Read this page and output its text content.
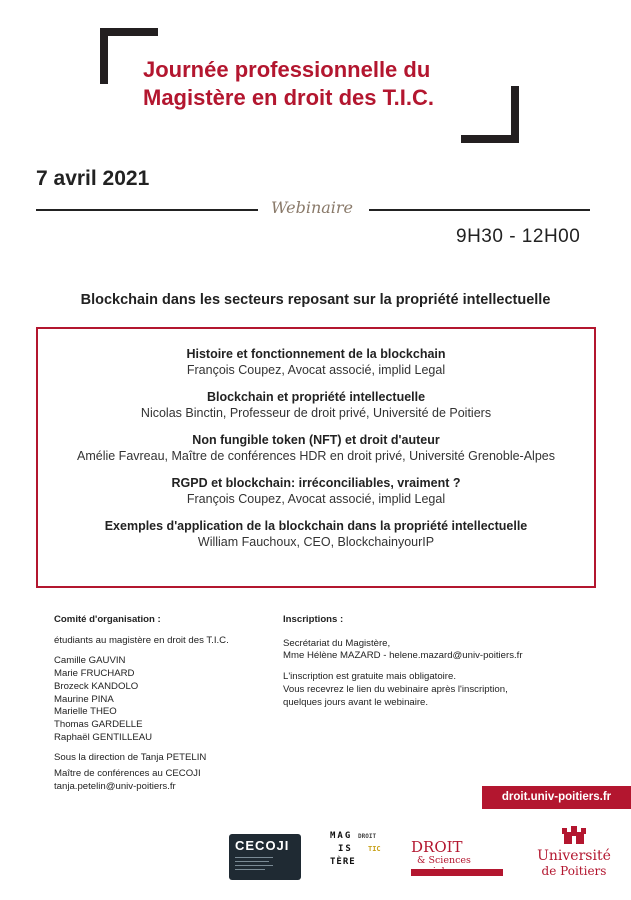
Journée professionnelle du
Magistère en droit des T.I.C.
7 avril 2021
Webinaire
9H30 - 12H00
Blockchain dans les secteurs reposant sur la propriété intellectuelle
Histoire et fonctionnement de la blockchain
François Coupez, Avocat associé, implid Legal
Blockchain et propriété intellectuelle
Nicolas Binctin, Professeur de droit privé, Université de Poitiers
Non fungible token (NFT) et droit d'auteur
Amélie Favreau, Maître de conférences HDR en droit privé, Université Grenoble-Alpes
RGPD et blockchain: irréconciliables, vraiment ?
François Coupez, Avocat associé, implid Legal
Exemples d'application de la blockchain dans la propriété intellectuelle
William Fauchoux, CEO, BlockchainyourIP
Comité d'organisation :
étudiants au magistère en droit des T.I.C.
Camille GAUVIN
Marie FRUCHARD
Brozeck KANDOLO
Maurine PINA
Marielle THEO
Thomas GARDELLE
Raphaël GENTILLEAU
Sous la direction de Tanja PETELIN
Maître de conférences au CECOJI
tanja.petelin@univ-poitiers.fr
Inscriptions :
Secrétariat du Magistère,
Mme Hélène MAZARD - helene.mazard@univ-poitiers.fr
L'inscription est gratuite mais obligatoire.
Vous recevrez le lien du webinaire après l'inscription,
quelques jours avant le webinaire.
droit.univ-poitiers.fr
CECOJI
MAG
IS
TÈRE
DROIT
TIC DROIT
& Sciences	Université
de Poitiers
